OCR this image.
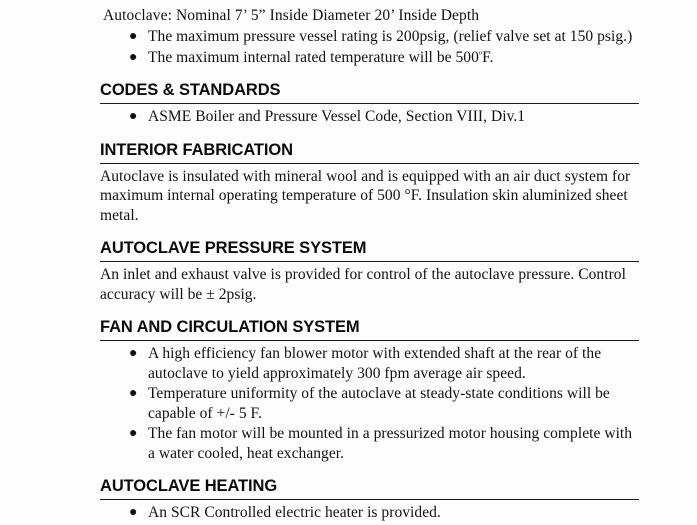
Autoclave: Nominal 7’ 5” Inside Diameter 20’ Inside Depth

● The maximum pressure vessel rating is 200psig, (relief valve set at 150 psig.)
● The maximum internal rated temperature will be $500^ºF$.
CODES & STANDARDS
● ASME Boiler and Pressure Vessel Code, Section VIII, Div.1
INTERIOR FABRICATION

Autoclave is insulated with mineral wool and is equipped with an air duct system for maximum internal operating temperature of 500 °F. Insulation skin aluminized sheet metal.

AUTOCLAVE PRESSURE SYSTEM

An inlet and exhaust valve is provided for control of the autoclave pressure. Control accuracy will be ± 2psig.

FAN AND CIRCULATION SYSTEM
● A high efficiency fan blower motor with extended shaft at the rear of the autoclave to yield approximately 300 fpm average air speed.
● Temperature uniformity of the autoclave at steady-state conditions will be capable of +/- 5 F.
● The fan motor will be mounted in a pressurized motor housing complete with a water cooled, heat exchanger.
AUTOCLAVE HEATING
● An SCR Controlled electric heater is provided.
